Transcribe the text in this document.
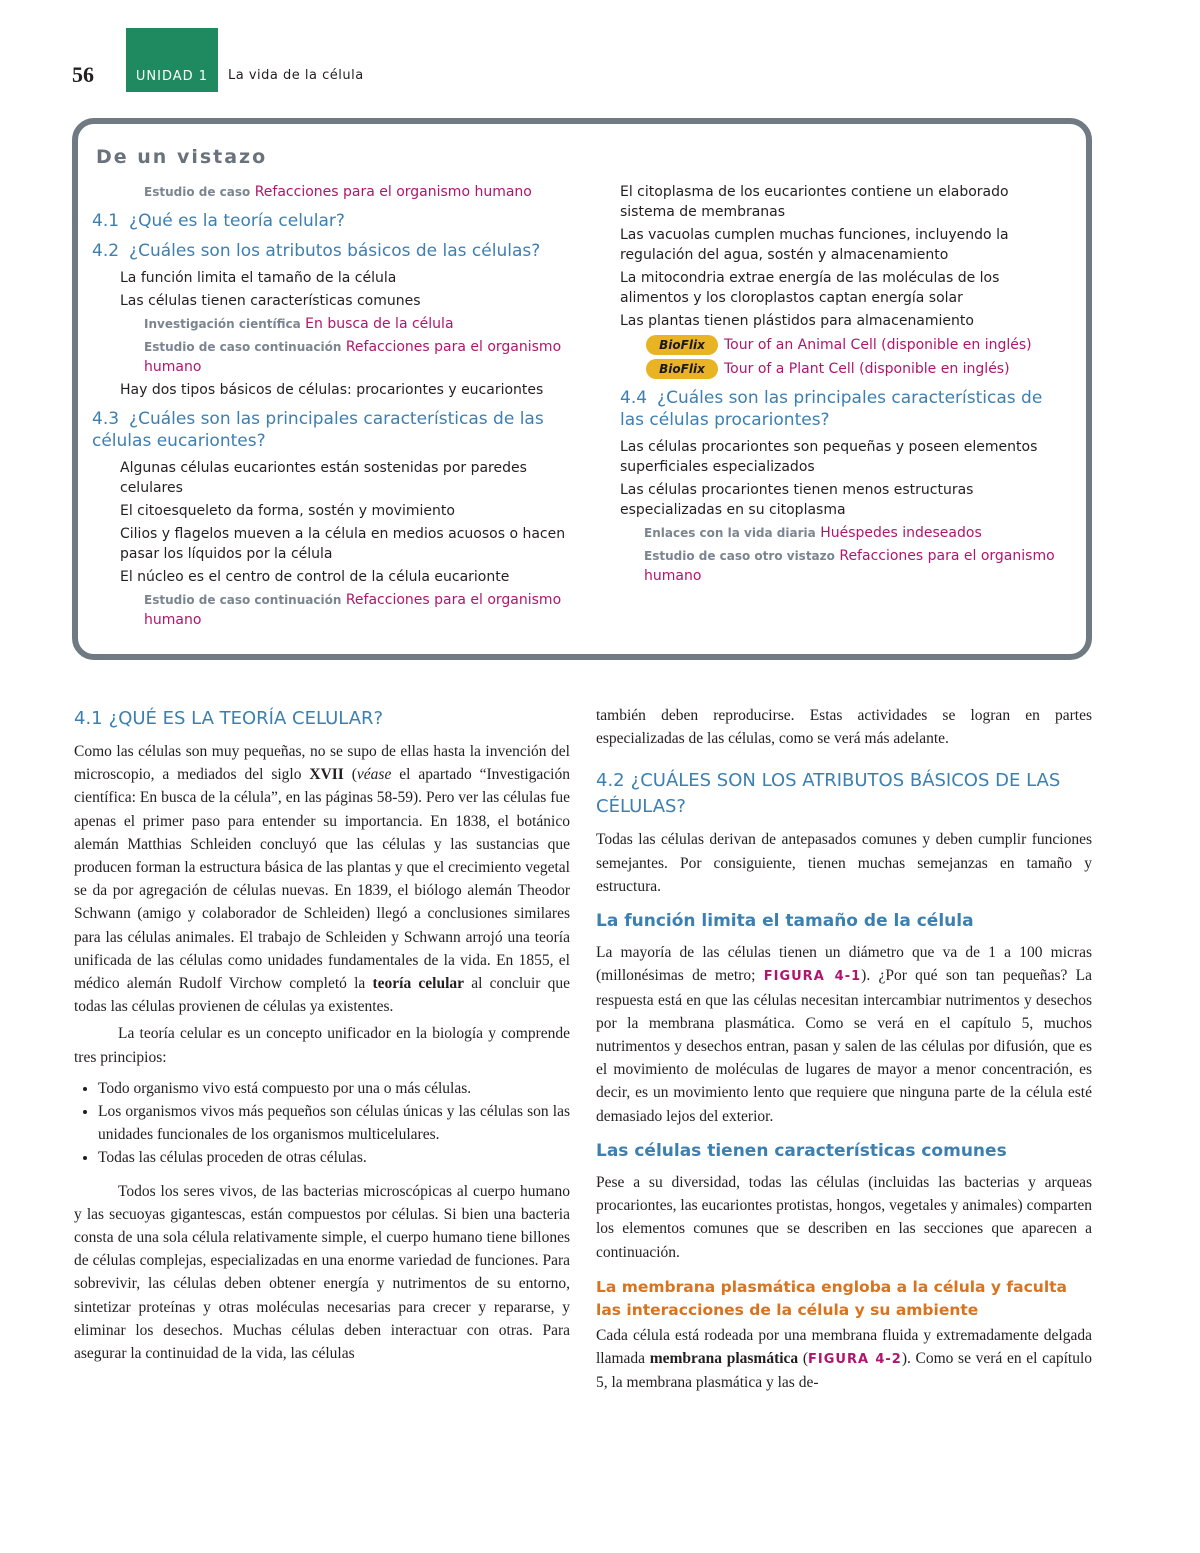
56	UNIDAD 1	La vida de la célula
De un vistazo
Estudio de caso Refacciones para el organismo humano
4.1 ¿Qué es la teoría celular?
4.2 ¿Cuáles son los atributos básicos de las células?
La función limita el tamaño de la célula
Las células tienen características comunes
Investigación científica En busca de la célula
Estudio de caso continuación Refacciones para el organismo humano
Hay dos tipos básicos de células: procariontes y eucariontes
4.3 ¿Cuáles son las principales características de las células eucariontes?
Algunas células eucariontes están sostenidas por paredes celulares
El citoesqueleto da forma, sostén y movimiento
Cilios y flagelos mueven a la célula en medios acuosos o hacen pasar los líquidos por la célula
El núcleo es el centro de control de la célula eucarionte
Estudio de caso continuación Refacciones para el organismo humano
El citoplasma de los eucariontes contiene un elaborado sistema de membranas
Las vacuolas cumplen muchas funciones, incluyendo la regulación del agua, sostén y almacenamiento
La mitocondria extrae energía de las moléculas de los alimentos y los cloroplastos captan energía solar
Las plantas tienen plástidos para almacenamiento
BioFlix	Tour of an Animal Cell (disponible en inglés)
BioFlix	Tour of a Plant Cell (disponible en inglés)
4.4 ¿Cuáles son las principales características de las células procariontes?
Las células procariontes son pequeñas y poseen elementos superficiales especializados
Las células procariontes tienen menos estructuras especializadas en su citoplasma
Enlaces con la vida diaria Huéspedes indeseados
Estudio de caso otro vistazo Refacciones para el organismo humano
4.1 ¿QUÉ ES LA TEORÍA CELULAR?

Como las células son muy pequeñas, no se supo de ellas hasta la invención del microscopio, a mediados del siglo XVII (véase el apartado “Investigación científica: En busca de la célula”, en las páginas 58-59). Pero ver las células fue apenas el primer paso para entender su importancia. En 1838, el botánico alemán Matthias Schleiden concluyó que las células y las sustancias que producen forman la estructura básica de las plantas y que el crecimiento vegetal se da por agregación de células nuevas. En 1839, el biólogo alemán Theodor Schwann (amigo y colaborador de Schleiden) llegó a conclusiones similares para las células animales. El trabajo de Schleiden y Schwann arrojó una teoría unificada de las células como unidades fundamentales de la vida. En 1855, el médico alemán Rudolf Virchow completó la teoría celular al concluir que todas las células provienen de células ya existentes.

La teoría celular es un concepto unificador en la biología y comprende tres principios:

• Todo organismo vivo está compuesto por una o más células.
• Los organismos vivos más pequeños son células únicas y las células son las unidades funcionales de los organismos multicelulares.
• Todas las células proceden de otras células.

Todos los seres vivos, de las bacterias microscópicas al cuerpo humano y las secuoyas gigantescas, están compuestos por células. Si bien una bacteria consta de una sola célula relativamente simple, el cuerpo humano tiene billones de células complejas, especializadas en una enorme variedad de funciones. Para sobrevivir, las células deben obtener energía y nutrimentos de su entorno, sintetizar proteínas y otras moléculas necesarias para crecer y repararse, y eliminar los desechos. Muchas células deben interactuar con otras. Para asegurar la continuidad de la vida, las células

también deben reproducirse. Estas actividades se logran en partes especializadas de las células, como se verá más adelante.

4.2 ¿CUÁLES SON LOS ATRIBUTOS BÁSICOS DE LAS CÉLULAS?

Todas las células derivan de antepasados comunes y deben cumplir funciones semejantes. Por consiguiente, tienen muchas semejanzas en tamaño y estructura.

La función limita el tamaño de la célula

La mayoría de las células tienen un diámetro que va de 1 a 100 micras (millonésimas de metro; FIGURA 4-1). ¿Por qué son tan pequeñas? La respuesta está en que las células necesitan intercambiar nutrimentos y desechos por la membrana plasmática. Como se verá en el capítulo 5, muchos nutrimentos y desechos entran, pasan y salen de las células por difusión, que es el movimiento de moléculas de lugares de mayor a menor concentración, es decir, es un movimiento lento que requiere que ninguna parte de la célula esté demasiado lejos del exterior.

Las células tienen características comunes

Pese a su diversidad, todas las células (incluidas las bacterias y arqueas procariontes, las eucariontes protistas, hongos, vegetales y animales) comparten los elementos comunes que se describen en las secciones que aparecen a continuación.

La membrana plasmática engloba a la célula y faculta las interacciones de la célula y su ambiente

Cada célula está rodeada por una membrana fluida y extremadamente delgada llamada membrana plasmática (FIGURA 4-2). Como se verá en el capítulo 5, la membrana plasmática y las de-
